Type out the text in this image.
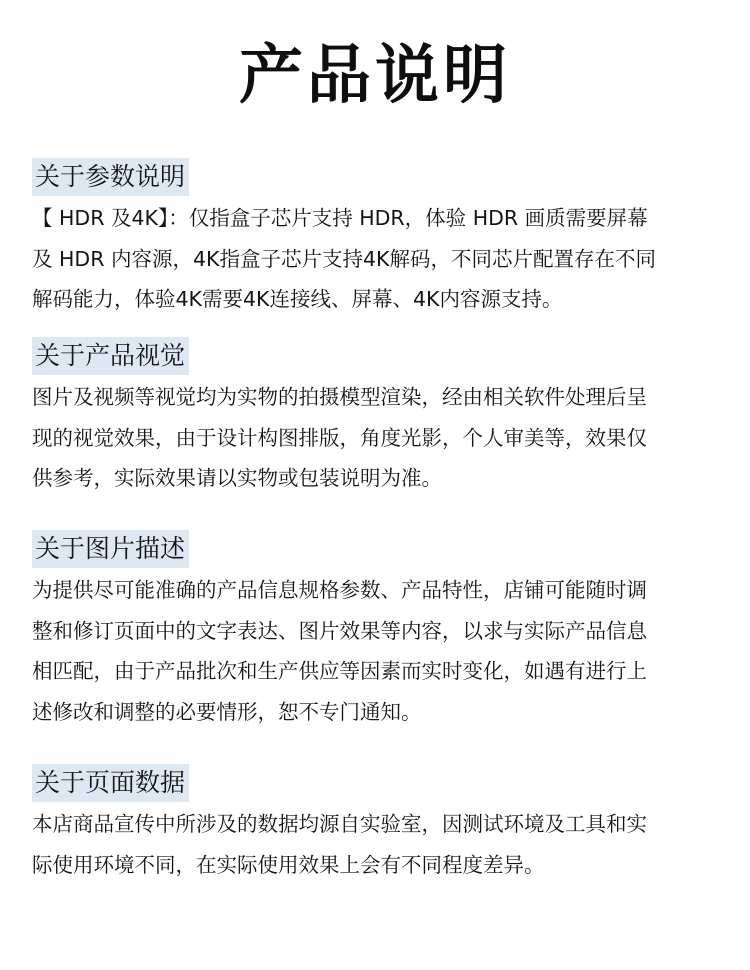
产品说明
关于参数说明
【 HDR 及4K】：仅指盒子芯片支持 HDR，体验 HDR 画质需要屏幕
及 HDR 内容源，4K指盒子芯片支持4K解码，不同芯片配置存在不同
解码能力，体验4K需要4K连接线、屏幕、4K内容源支持。
关于产品视觉
图片及视频等视觉均为实物的拍摄模型渲染，经由相关软件处理后呈
现的视觉效果，由于设计构图排版，角度光影，个人审美等，效果仅
供参考，实际效果请以实物或包装说明为准。
关于图片描述
为提供尽可能准确的产品信息规格参数、产品特性，店铺可能随时调
整和修订页面中的文字表达、图片效果等内容，以求与实际产品信息
相匹配，由于产品批次和生产供应等因素而实时变化，如遇有进行上
述修改和调整的必要情形，恕不专门通知。
关于页面数据
本店商品宣传中所涉及的数据均源自实验室，因测试环境及工具和实
际使用环境不同，在实际使用效果上会有不同程度差异。
